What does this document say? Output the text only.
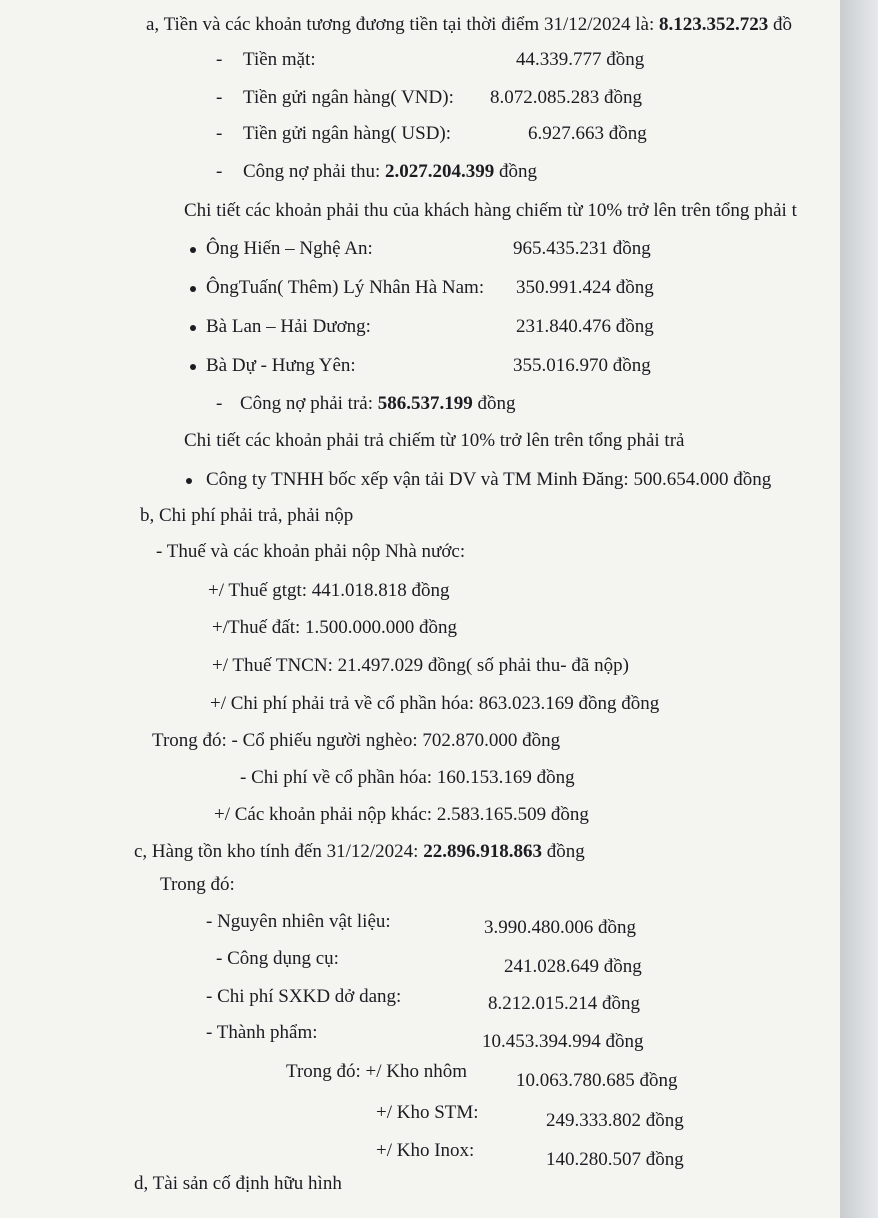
a, Tiền và các khoản tương đương tiền tại thời điểm 31/12/2024 là: 8.123.352.723 đồ
- Tiền mặt:	44.339.777 đồng
- Tiền gửi ngân hàng( VND): 8.072.085.283 đồng
- Tiền gửi ngân hàng( USD):	6.927.663 đồng
- Công nợ phải thu: 2.027.204.399 đồng
Chi tiết các khoản phải thu của khách hàng chiếm từ 10% trở lên trên tổng phải t
Ông Hiến – Nghệ An:	965.435.231 đồng
ÔngTuấn( Thêm) Lý Nhân Hà Nam: 350.991.424 đồng
Bà Lan – Hải Dương:	231.840.476 đồng
Bà Dự - Hưng Yên:	355.016.970 đồng
- Công nợ phải trả: 586.537.199 đồng
Chi tiết các khoản phải trả chiếm từ 10% trở lên trên tổng phải trả
Công ty TNHH bốc xếp vận tải DV và TM Minh Đăng: 500.654.000 đồng
b, Chi phí phải trả, phải nộp
- Thuế và các khoản phải nộp Nhà nước:
+/ Thuế gtgt: 441.018.818 đồng
+/Thuế đất: 1.500.000.000 đồng
+/ Thuế TNCN: 21.497.029 đồng( số phải thu- đã nộp)
+/ Chi phí phải trả về cổ phần hóa: 863.023.169 đồng đồng
Trong đó: - Cổ phiếu người nghèo: 702.870.000 đồng
- Chi phí về cổ phần hóa: 160.153.169 đồng
+/ Các khoản phải nộp khác: 2.583.165.509 đồng
c, Hàng tồn kho tính đến 31/12/2024: 22.896.918.863 đồng
Trong đó:
- Nguyên nhiên vật liệu:	3.990.480.006 đồng
- Công dụng cụ:	241.028.649 đồng
- Chi phí SXKD dở dang:	8.212.015.214 đồng
- Thành phẩm:	10.453.394.994 đồng
Trong đó: +/ Kho nhôm	10.063.780.685 đồng
+/ Kho STM:	249.333.802 đồng
+/ Kho Inox:	140.280.507 đồng
d, Tài sản cố định hữu hình
